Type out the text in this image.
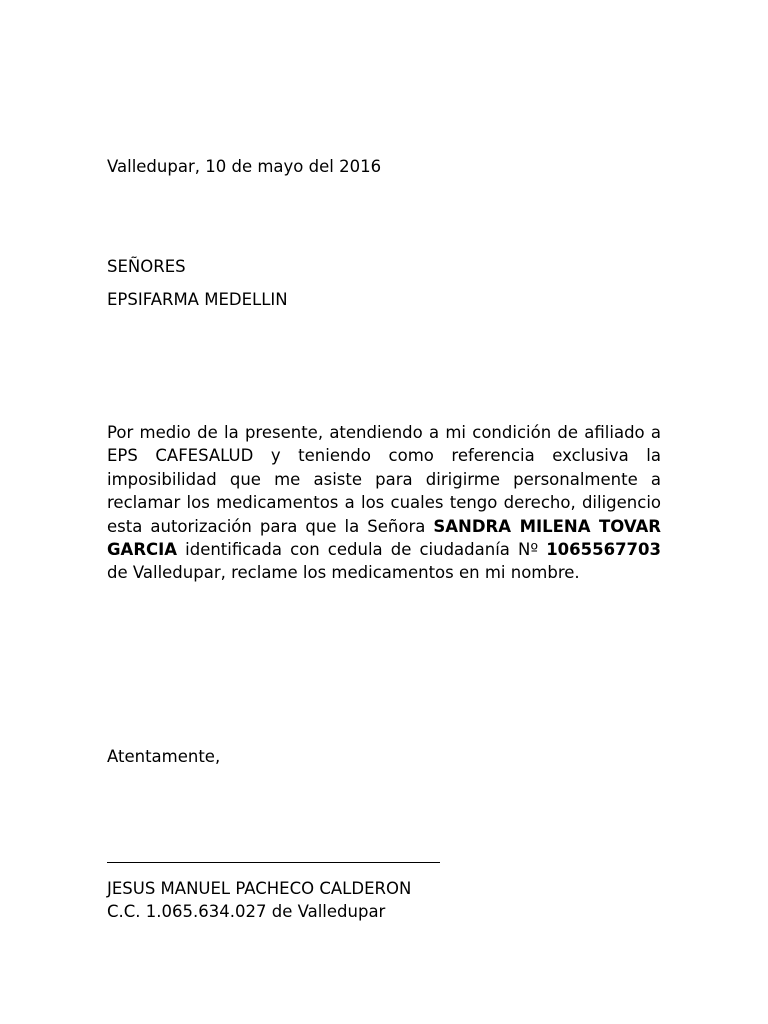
Valledupar, 10 de mayo del 2016
SEÑORES
EPSIFARMA MEDELLIN
Por medio de la presente, atendiendo a mi condición de afiliado a EPS CAFESALUD y teniendo como referencia exclusiva la imposibilidad que me asiste para dirigirme personalmente a reclamar los medicamentos a los cuales tengo derecho, diligencio esta autorización para que la Señora SANDRA MILENA TOVAR GARCIA identificada con cedula de ciudadanía Nº 1065567703 de Valledupar, reclame los medicamentos en mi nombre.
Atentamente,
JESUS MANUEL PACHECO CALDERON
C.C. 1.065.634.027 de Valledupar
